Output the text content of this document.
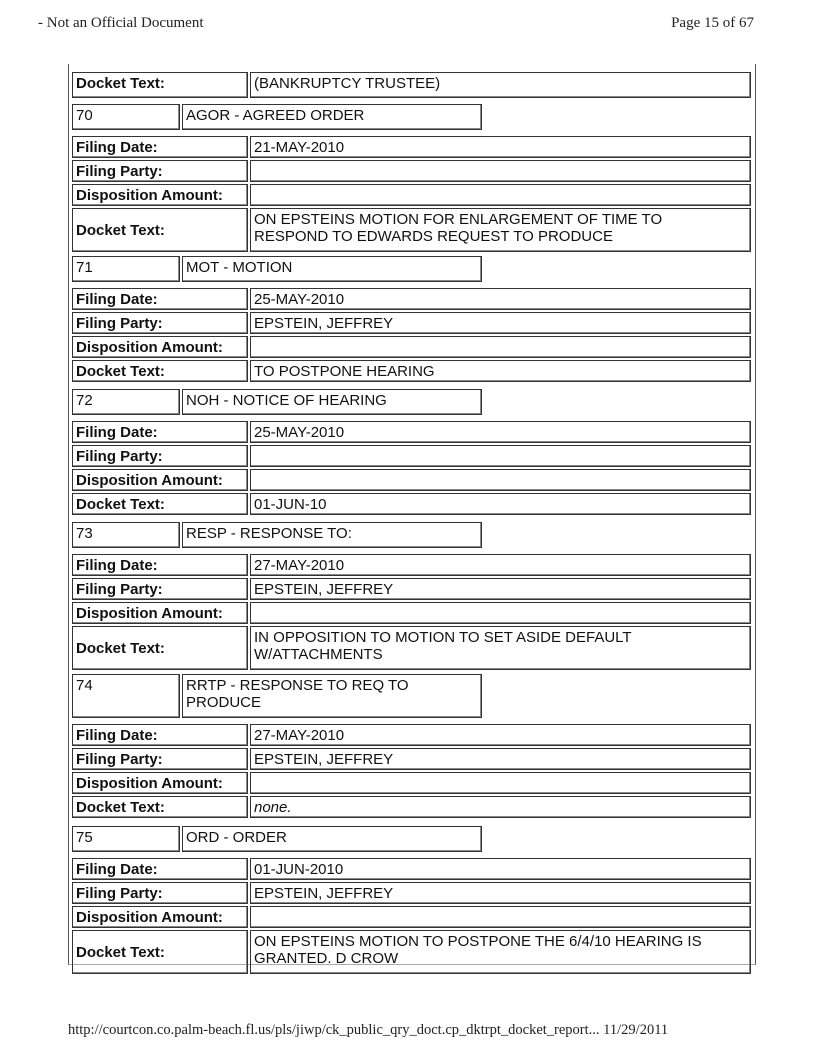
- Not an Official Document	Page 15 of 67
Docket Text:	(BANKRUPTCY TRUSTEE)
70	AGOR - AGREED ORDER
Filing Date:	21-MAY-2010
Filing Party:
Disposition Amount:
Docket Text:
ON EPSTEINS MOTION FOR ENLARGEMENT OF TIME TO
RESPOND TO EDWARDS REQUEST TO PRODUCE
71	MOT - MOTION
Filing Date:	25-MAY-2010
Filing Party:	EPSTEIN, JEFFREY
Disposition Amount:
Docket Text:	TO POSTPONE HEARING
72	NOH - NOTICE OF HEARING
Filing Date:	25-MAY-2010
Filing Party:
Disposition Amount:
Docket Text:	01-JUN-10
73	RESP - RESPONSE TO:
Filing Date:	27-MAY-2010
Filing Party:	EPSTEIN, JEFFREY
Disposition Amount:
Docket Text:
IN OPPOSITION TO MOTION TO SET ASIDE DEFAULT
W/ATTACHMENTS
74	RRTP - RESPONSE TO REQ TO
PRODUCE
Filing Date:	27-MAY-2010
Filing Party:	EPSTEIN, JEFFREY
Disposition Amount:
Docket Text:	none.
75	ORD - ORDER
Filing Date:	01-JUN-2010
Filing Party:	EPSTEIN, JEFFREY
Disposition Amount:
Docket Text:
ON EPSTEINS MOTION TO POSTPONE THE 6/4/10 HEARING IS
GRANTED. D CROW
http://courtcon.co.palm-beach.fl.us/pls/jiwp/ck_public_qry_doct.cp_dktrpt_docket_report... 11/29/2011
